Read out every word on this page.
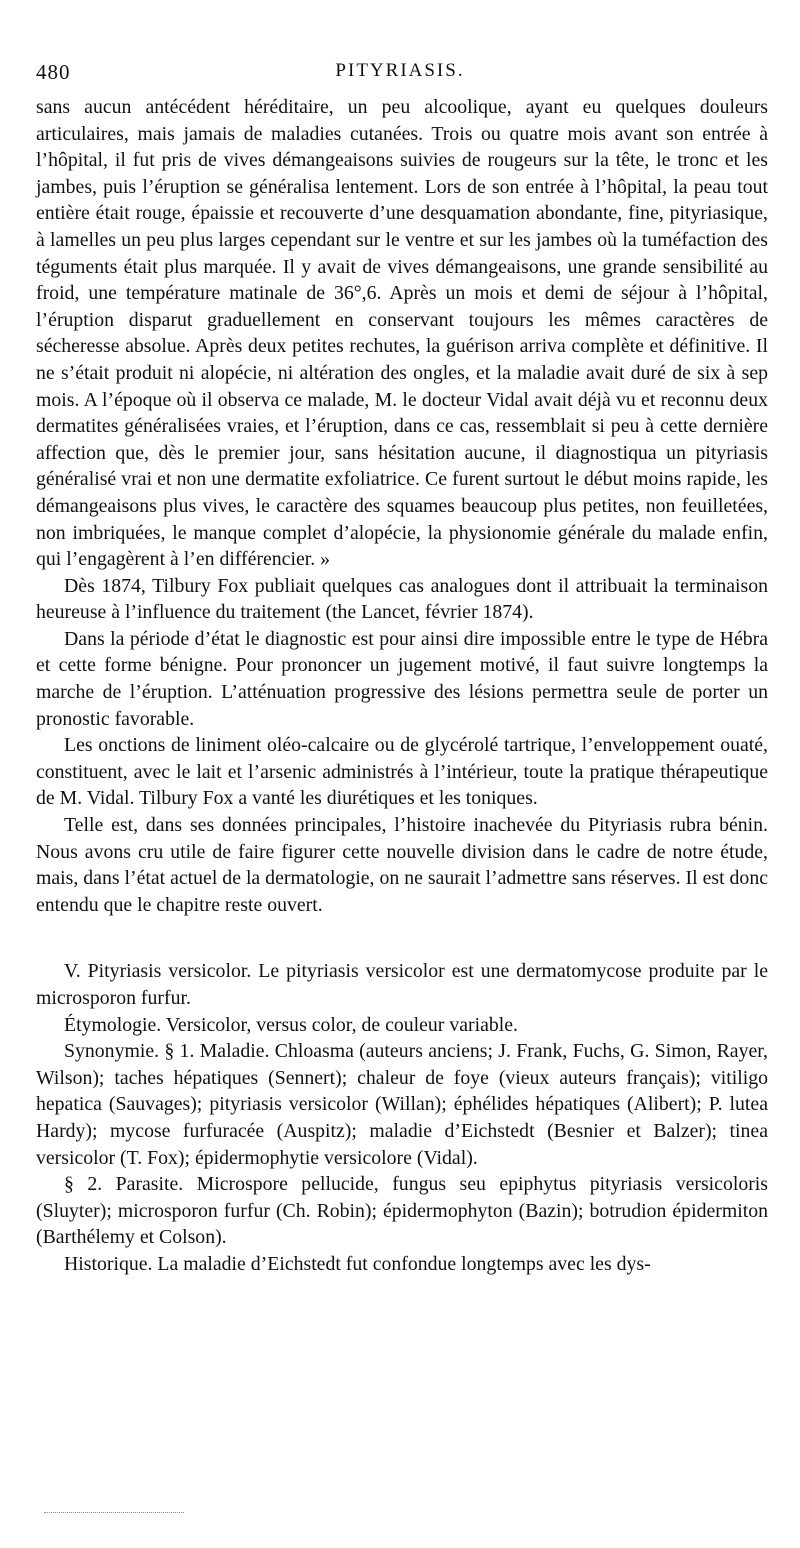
480	PITYRIASIS.

sans aucun antécédent héréditaire, un peu alcoolique, ayant eu quelques douleurs articulaires, mais jamais de maladies cutanées. Trois ou quatre mois avant son entrée à l’hôpital, il fut pris de vives démangeaisons suivies de rougeurs sur la tête, le tronc et les jambes, puis l’éruption se généralisa lentement. Lors de son entrée à l’hôpital, la peau tout entière était rouge, épaissie et recouverte d’une desquamation abondante, fine, pityriasique, à lamelles un peu plus larges cependant sur le ventre et sur les jambes où la tuméfaction des téguments était plus marquée. Il y avait de vives démangeaisons, une grande sensibilité au froid, une température matinale de 36°,6. Après un mois et demi de séjour à l’hôpital, l’éruption disparut graduellement en conservant toujours les mêmes caractères de sécheresse absolue. Après deux petites rechutes, la guérison arriva complète et définitive. Il ne s’était produit ni alopécie, ni altération des ongles, et la maladie avait duré de six à sep mois. A l’époque où il observa ce malade, M. le docteur Vidal avait déjà vu et reconnu deux dermatites généralisées vraies, et l’éruption, dans ce cas, ressemblait si peu à cette dernière affection que, dès le premier jour, sans hésitation aucune, il diagnostiqua un pityriasis généralisé vrai et non une dermatite exfoliatrice. Ce furent surtout le début moins rapide, les démangeaisons plus vives, le caractère des squames beaucoup plus petites, non feuilletées, non imbriquées, le manque complet d’alopécie, la physionomie générale du malade enfin, qui l’engagèrent à l’en différencier. »

Dès 1874, Tilbury Fox publiait quelques cas analogues dont il attribuait la terminaison heureuse à l’influence du traitement (the Lancet, février 1874).

Dans la période d’état le diagnostic est pour ainsi dire impossible entre le type de Hébra et cette forme bénigne. Pour prononcer un jugement motivé, il faut suivre longtemps la marche de l’éruption. L’atténuation progressive des lésions permettra seule de porter un pronostic favorable.

Les onctions de liniment oléo-calcaire ou de glycérolé tartrique, l’enveloppement ouaté, constituent, avec le lait et l’arsenic administrés à l’intérieur, toute la pratique thérapeutique de M. Vidal. Tilbury Fox a vanté les diurétiques et les toniques.

Telle est, dans ses données principales, l’histoire inachevée du Pityriasis rubra bénin. Nous avons cru utile de faire figurer cette nouvelle division dans le cadre de notre étude, mais, dans l’état actuel de la dermatologie, on ne saurait l’admettre sans réserves. Il est donc entendu que le chapitre reste ouvert.

V. Pityriasis versicolor. Le pityriasis versicolor est une dermatomycose produite par le microsporon furfur.

Étymologie. Versicolor, versus color, de couleur variable.

Synonymie. § 1. Maladie. Chloasma (auteurs anciens; J. Frank, Fuchs, G. Simon, Rayer, Wilson); taches hépatiques (Sennert); chaleur de foye (vieux auteurs français); vitiligo hepatica (Sauvages); pityriasis versicolor (Willan); éphélides hépatiques (Alibert); P. lutea Hardy); mycose furfuracée (Auspitz); maladie d’Eichstedt (Besnier et Balzer); tinea versicolor (T. Fox); épidermophytie versicolore (Vidal).

§ 2. Parasite. Microspore pellucide, fungus seu epiphytus pityriasis versicoloris (Sluyter); microsporon furfur (Ch. Robin); épidermophyton (Bazin); botrudion épidermiton (Barthélemy et Colson).

Historique. La maladie d’Eichstedt fut confondue longtemps avec les dys-
